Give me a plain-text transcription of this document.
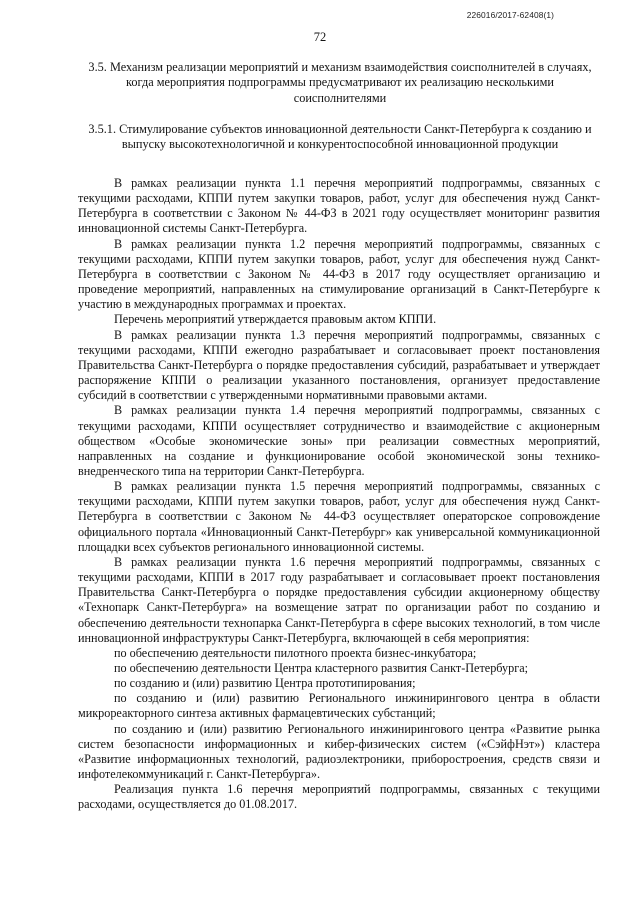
226016/2017-62408(1)
72
3.5. Механизм реализации мероприятий и механизм взаимодействия соисполнителей в случаях, когда мероприятия подпрограммы предусматривают их реализацию несколькими соисполнителями
3.5.1. Стимулирование субъектов инновационной деятельности Санкт-Петербурга к созданию и выпуску высокотехнологичной и конкурентоспособной инновационной продукции

В рамках реализации пункта 1.1 перечня мероприятий подпрограммы, связанных с текущими расходами, КППИ путем закупки товаров, работ, услуг для обеспечения нужд Санкт-Петербурга в соответствии с Законом № 44-ФЗ в 2021 году осуществляет мониторинг развития инновационной системы Санкт-Петербурга.

В рамках реализации пункта 1.2 перечня мероприятий подпрограммы, связанных с текущими расходами, КППИ путем закупки товаров, работ, услуг для обеспечения нужд Санкт-Петербурга в соответствии с Законом № 44-ФЗ в 2017 году осуществляет организацию и проведение мероприятий, направленных на стимулирование организаций в Санкт-Петербурге к участию в международных программах и проектах.

Перечень мероприятий утверждается правовым актом КППИ.

В рамках реализации пункта 1.3 перечня мероприятий подпрограммы, связанных с текущими расходами, КППИ ежегодно разрабатывает и согласовывает проект постановления Правительства Санкт-Петербурга о порядке предоставления субсидий, разрабатывает и утверждает распоряжение КППИ о реализации указанного постановления, организует предоставление субсидий в соответствии с утвержденными нормативными правовыми актами.

В рамках реализации пункта 1.4 перечня мероприятий подпрограммы, связанных с текущими расходами, КППИ осуществляет сотрудничество и взаимодействие с акционерным обществом «Особые экономические зоны» при реализации совместных мероприятий, направленных на создание и функционирование особой экономической зоны технико-внедренческого типа на территории Санкт-Петербурга.

В рамках реализации пункта 1.5 перечня мероприятий подпрограммы, связанных с текущими расходами, КППИ путем закупки товаров, работ, услуг для обеспечения нужд Санкт-Петербурга в соответствии с Законом № 44-ФЗ осуществляет операторское сопровождение официального портала «Инновационный Санкт-Петербург» как универсальной коммуникационной площадки всех субъектов регионального инновационной системы.

В рамках реализации пункта 1.6 перечня мероприятий подпрограммы, связанных с текущими расходами, КППИ в 2017 году разрабатывает и согласовывает проект постановления Правительства Санкт-Петербурга о порядке предоставления субсидии акционерному обществу «Технопарк Санкт-Петербурга» на возмещение затрат по организации работ по созданию и обеспечению деятельности технопарка Санкт-Петербурга в сфере высоких технологий, в том числе инновационной инфраструктуры Санкт-Петербурга, включающей в себя мероприятия:

по обеспечению деятельности пилотного проекта бизнес-инкубатора;

по обеспечению деятельности Центра кластерного развития Санкт-Петербурга;

по созданию и (или) развитию Центра прототипирования;

по созданию и (или) развитию Регионального инжинирингового центра в области микрореакторного синтеза активных фармацевтических субстанций;

по созданию и (или) развитию Регионального инжинирингового центра «Развитие рынка систем безопасности информационных и кибер-физических систем («СэйфНэт») кластера «Развитие информационных технологий, радиоэлектроники, приборостроения, средств связи и инфотелекоммуникаций г. Санкт-Петербурга».

Реализация пункта 1.6 перечня мероприятий подпрограммы, связанных с текущими расходами, осуществляется до 01.08.2017.
